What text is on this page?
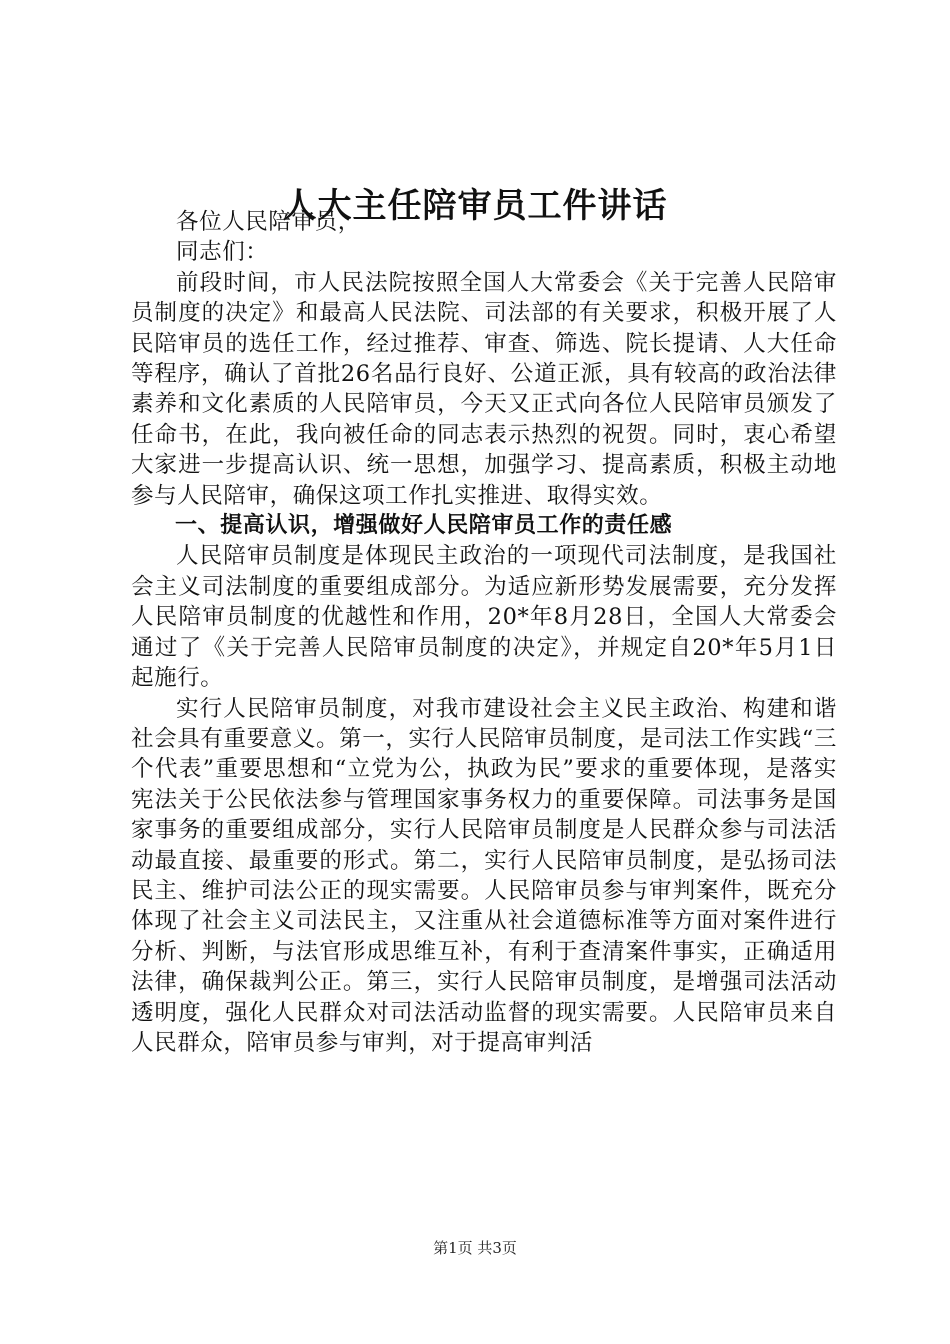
人大主任陪审员工件讲话

各位人民陪审员，

同志们：

前段时间，市人民法院按照全国人大常委会《关于完善人民陪审员制度的决定》和最高人民法院、司法部的有关要求，积极开展了人民陪审员的选任工作，经过推荐、审查、筛选、院长提请、人大任命等程序，确认了首批26名品行良好、公道正派，具有较高的政治法律素养和文化素质的人民陪审员，今天又正式向各位人民陪审员颁发了任命书，在此，我向被任命的同志表示热烈的祝贺。同时，衷心希望大家进一步提高认识、统一思想，加强学习、提高素质，积极主动地参与人民陪审，确保这项工作扎实推进、取得实效。

一、提高认识，增强做好人民陪审员工作的责任感

人民陪审员制度是体现民主政治的一项现代司法制度，是我国社会主义司法制度的重要组成部分。为适应新形势发展需要，充分发挥人民陪审员制度的优越性和作用，20*年8月28日，全国人大常委会通过了《关于完善人民陪审员制度的决定》，并规定自20*年5月1日起施行。

实行人民陪审员制度，对我市建设社会主义民主政治、构建和谐社会具有重要意义。第一，实行人民陪审员制度，是司法工作实践“三个代表”重要思想和“立党为公，执政为民”要求的重要体现，是落实宪法关于公民依法参与管理国家事务权力的重要保障。司法事务是国家事务的重要组成部分，实行人民陪审员制度是人民群众参与司法活动最直接、最重要的形式。第二，实行人民陪审员制度，是弘扬司法民主、维护司法公正的现实需要。人民陪审员参与审判案件，既充分体现了社会主义司法民主，又注重从社会道德标准等方面对案件进行分析、判断，与法官形成思维互补，有利于查清案件事实，正确适用法律，确保裁判公正。第三，实行人民陪审员制度，是增强司法活动透明度，强化人民群众对司法活动监督的现实需要。人民陪审员来自人民群众，陪审员参与审判，对于提高审判活

第1页 共3页
